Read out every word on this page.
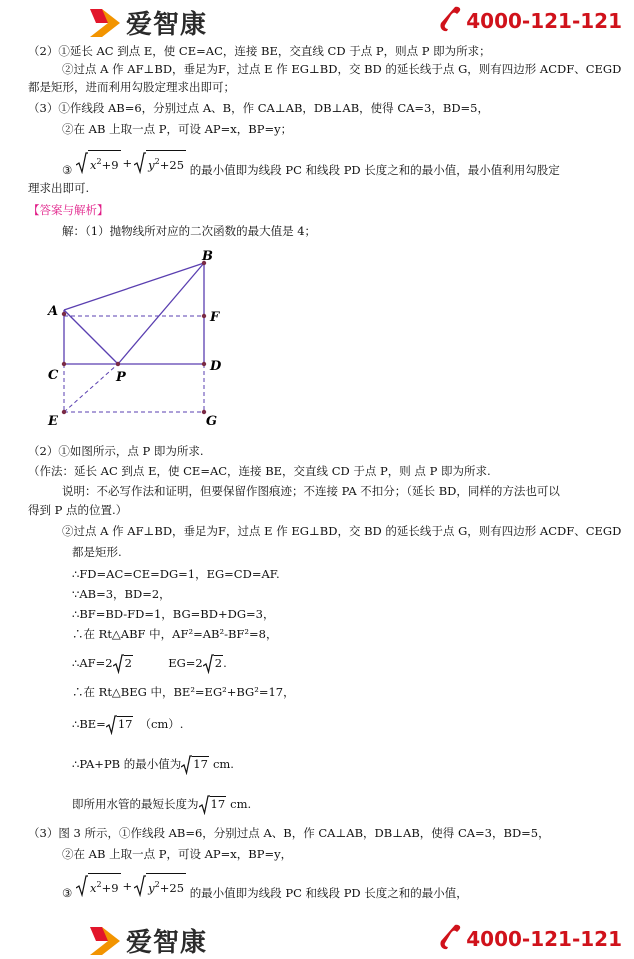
爱智康	4000-121-121
（2）①延长 AC 到点 E，使 CE=AC，连接 BE，交直线 CD 于点 P，则点 P 即为所求；
②过点 A 作 AF⊥BD，垂足为F，过点 E 作 EG⊥BD，交 BD 的延长线于点 G，则有四边形 ACDF、CEGD
都是矩形，进而利用勾股定理求出即可；
（3）①作线段 AB=6，分别过点 A、B，作 CA⊥AB，DB⊥AB，使得 CA=3，BD=5，
②在 AB 上取一点 P，可设 AP=x，BP=y；
③ $x^2+9 + y^2+25$ 的最小值即为线段 PC 和线段 PD 长度之和的最小值，最小值利用勾股定
理求出即可.
【答案与解析】
解：（1）抛物线所对应的二次函数的最大值是 4；
A
B
F
C
D
P
E	G
（2）①如图所示，点 P 即为所求.
（作法：延长 AC 到点 E，使 CE=AC，连接 BE，交直线 CD 于点 P，则 点 P 即为所求.
说明：不必写作法和证明，但要保留作图痕迹；不连接 PA 不扣分；（延长 BD，同样的方法也可以
得到 P 点的位置.）
②过点 A 作 AF⊥BD，垂足为F，过点 E 作 EG⊥BD，交 BD 的延长线于点 G，则有四边形 ACDF、CEGD
都是矩形.
∴FD=AC=CE=DG=1，EG=CD=AF.
∵AB=3，BD=2，
∴BF=BD-FD=1，BG=BD+DG=3，
∴在 Rt△ABF 中，AF²=AB²-BF²=8，
∴AF=2 2	EG=2 2.
∴在 Rt△BEG 中，BE²=EG²+BG²=17，
∴BE= 17 （cm）.
∴PA+PB 的最小值为 17 cm.
即所用水管的最短长度为 17 cm.
（3）图 3 所示，①作线段 AB=6，分别过点 A、B，作 CA⊥AB，DB⊥AB，使得 CA=3，BD=5，
②在 AB 上取一点 P，可设 AP=x，BP=y，
③ $x^2+9 + y^2+25$ 的最小值即为线段 PC 和线段 PD 长度之和的最小值，
爱智康	4000-121-121
